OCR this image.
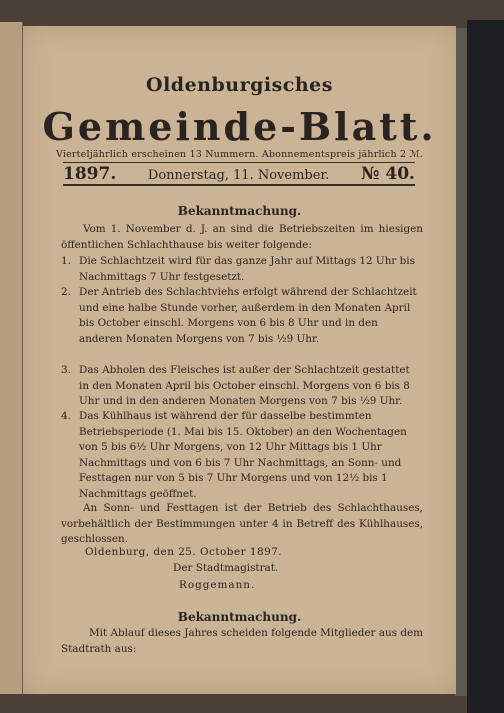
Oldenburgisches
Gemeinde-Blatt.
Vierteljährlich erscheinen 13 Nummern. Abonnementspreis jährlich 2 ℳ.
1897. Donnerstag, 11. November. № 40.
Bekanntmachung.
Vom 1. November d. J. an sind die Betriebszeiten im hiesigen öffentlichen Schlachthause bis weiter folgende:
1. Die Schlachtzeit wird für das ganze Jahr auf Mittags 12 Uhr bis Nachmittags 7 Uhr festgesetzt.
2. Der Antrieb des Schlachtviehs erfolgt während der Schlachtzeit und eine halbe Stunde vorher, außerdem in den Monaten April bis October einschl. Morgens von 6 bis 8 Uhr und in den anderen Monaten Morgens von 7 bis ½9 Uhr.
3. Das Abholen des Fleisches ist außer der Schlachtzeit gestattet in den Monaten April bis October einschl. Morgens von 6 bis 8 Uhr und in den anderen Monaten Morgens von 7 bis ½9 Uhr.
4. Das Kühlhaus ist während der für dasselbe bestimmten Betriebsperiode (1. Mai bis 15. Oktober) an den Wochentagen von 5 bis 6½ Uhr Morgens, von 12 Uhr Mittags bis 1 Uhr Nachmittags und von 6 bis 7 Uhr Nachmittags, an Sonn- und Festtagen nur von 5 bis 7 Uhr Morgens und von 12½ bis 1 Nachmittags geöffnet.
An Sonn- und Festtagen ist der Betrieb des Schlachthauses, vorbehältlich der Bestimmungen unter 4 in Betreff des Kühlhauses, geschlossen.
Oldenburg, den 25. October 1897.
Der Stadtmagistrat.
Roggemann.
Bekanntmachung.
Mit Ablauf dieses Jahres scheiden folgende Mitglieder aus dem Stadtrath aus:
